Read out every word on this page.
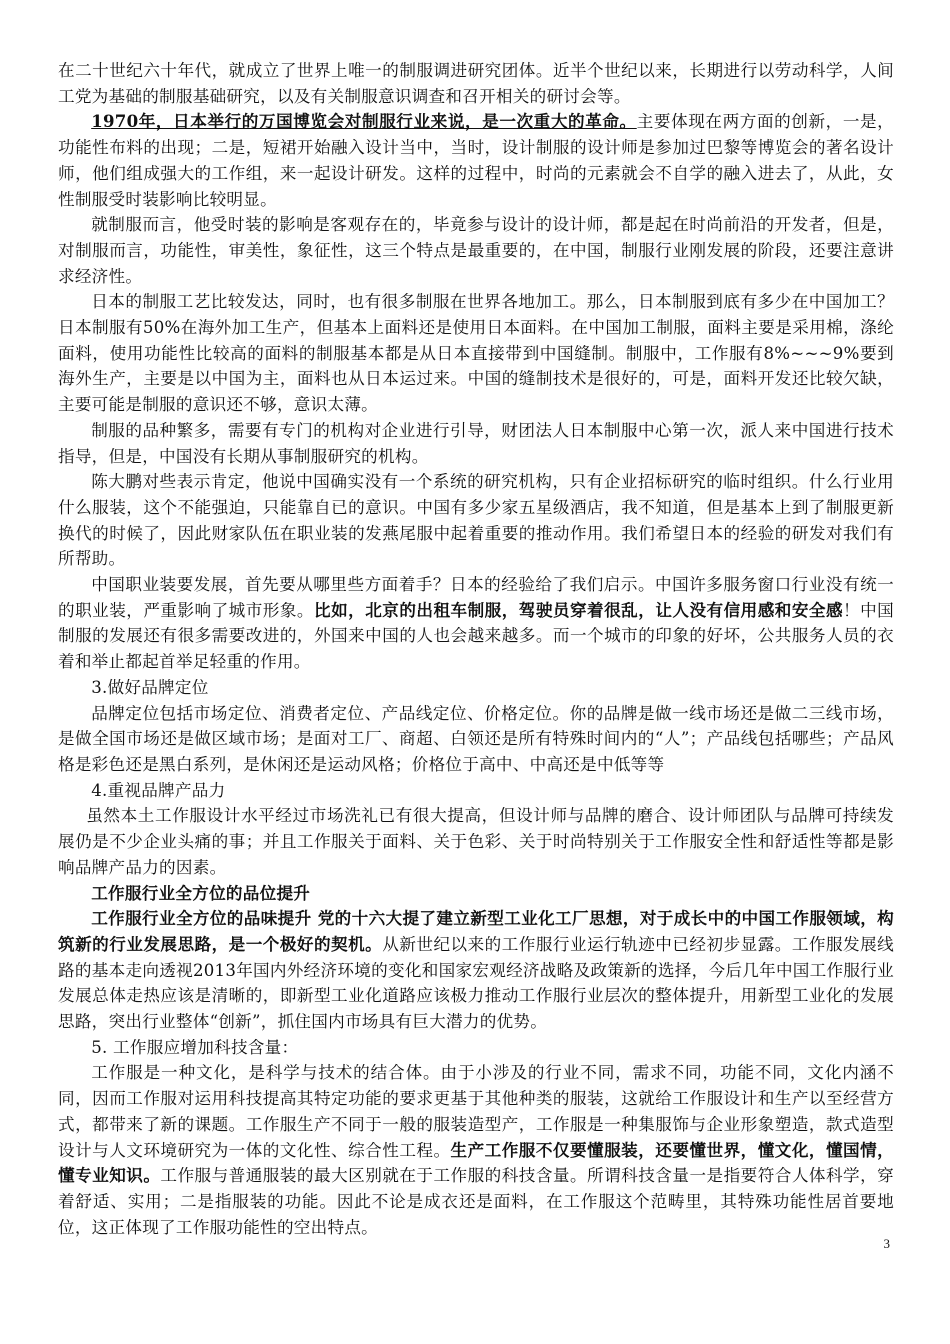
在二十世纪六十年代，就成立了世界上唯一的制服调进研究团体。近半个世纪以来，长期进行以劳动科学，人间工党为基础的制服基础研究，以及有关制服意识调查和召开相关的研讨会等。

1970年，日本举行的万国博览会对制服行业来说，是一次重大的革命。主要体现在两方面的创新，一是，功能性布料的出现；二是，短裙开始融入设计当中，当时，设计制服的设计师是参加过巴黎等博览会的著名设计师，他们组成强大的工作组，来一起设计研发。这样的过程中，时尚的元素就会不自学的融入进去了，从此，女性制服受时装影响比较明显。

就制服而言，他受时装的影响是客观存在的，毕竟参与设计的设计师，都是起在时尚前沿的开发者，但是，对制服而言，功能性，审美性，象征性，这三个特点是最重要的，在中国，制服行业刚发展的阶段，还要注意讲求经济性。

日本的制服工艺比较发达，同时，也有很多制服在世界各地加工。那么，日本制服到底有多少在中国加工？日本制服有50%在海外加工生产，但基本上面料还是使用日本面料。在中国加工制服，面料主要是采用棉，涤纶面料，使用功能性比较高的面料的制服基本都是从日本直接带到中国缝制。制服中，工作服有8%~~~9%要到海外生产，主要是以中国为主，面料也从日本运过来。中国的缝制技术是很好的，可是，面料开发还比较欠缺，主要可能是制服的意识还不够，意识太薄。

制服的品种繁多，需要有专门的机构对企业进行引导，财团法人日本制服中心第一次，派人来中国进行技术指导，但是，中国没有长期从事制服研究的机构。

陈大鹏对些表示肯定，他说中国确实没有一个系统的研究机构，只有企业招标研究的临时组织。什么行业用什么服装，这个不能强迫，只能靠自已的意识。中国有多少家五星级酒店，我不知道，但是基本上到了制服更新换代的时候了，因此财家队伍在职业装的发燕尾服中起着重要的推动作用。我们希望日本的经验的研发对我们有所帮助。

中国职业装要发展，首先要从哪里些方面着手？日本的经验给了我们启示。中国许多服务窗口行业没有统一的职业装，严重影响了城市形象。比如，北京的出租车制服，驾驶员穿着很乱，让人没有信用感和安全感！中国制服的发展还有很多需要改进的，外国来中国的人也会越来越多。而一个城市的印象的好坏，公共服务人员的衣着和举止都起首举足轻重的作用。

3.做好品牌定位

品牌定位包括市场定位、消费者定位、产品线定位、价格定位。你的品牌是做一线市场还是做二三线市场，是做全国市场还是做区域市场；是面对工厂、商超、白领还是所有特殊时间内的“人”；产品线包括哪些；产品风格是彩色还是黑白系列，是休闲还是运动风格；价格位于高中、中高还是中低等等

4.重视品牌产品力

虽然本土工作服设计水平经过市场洗礼已有很大提高，但设计师与品牌的磨合、设计师团队与品牌可持续发展仍是不少企业头痛的事；并且工作服关于面料、关于色彩、关于时尚特别关于工作服安全性和舒适性等都是影响品牌产品力的因素。

工作服行业全方位的品位提升

工作服行业全方位的品味提升 党的十六大提了建立新型工业化工厂思想，对于成长中的中国工作服领域，构筑新的行业发展思路，是一个极好的契机。从新世纪以来的工作服行业运行轨迹中已经初步显露。工作服发展线路的基本走向透视2013年国内外经济环境的变化和国家宏观经济战略及政策新的选择，今后几年中国工作服行业发展总体走热应该是清晰的，即新型工业化道路应该极力推动工作服行业层次的整体提升，用新型工业化的发展思路，突出行业整体“创新”，抓住国内市场具有巨大潜力的优势。

5. 工作服应增加科技含量：

工作服是一种文化，是科学与技术的结合体。由于小涉及的行业不同，需求不同，功能不同，文化内涵不同，因而工作服对运用科技提高其特定功能的要求更基于其他种类的服装，这就给工作服设计和生产以至经营方式，都带来了新的课题。工作服生产不同于一般的服装造型产，工作服是一种集服饰与企业形象塑造，款式造型设计与人文环境研究为一体的文化性、综合性工程。生产工作服不仅要懂服装，还要懂世界，懂文化，懂国情，懂专业知识。工作服与普通服装的最大区别就在于工作服的科技含量。所谓科技含量一是指要符合人体科学，穿着舒适、实用；二是指服装的功能。因此不论是成衣还是面料，在工作服这个范畴里，其特殊功能性居首要地位，这正体现了工作服功能性的空出特点。

3
